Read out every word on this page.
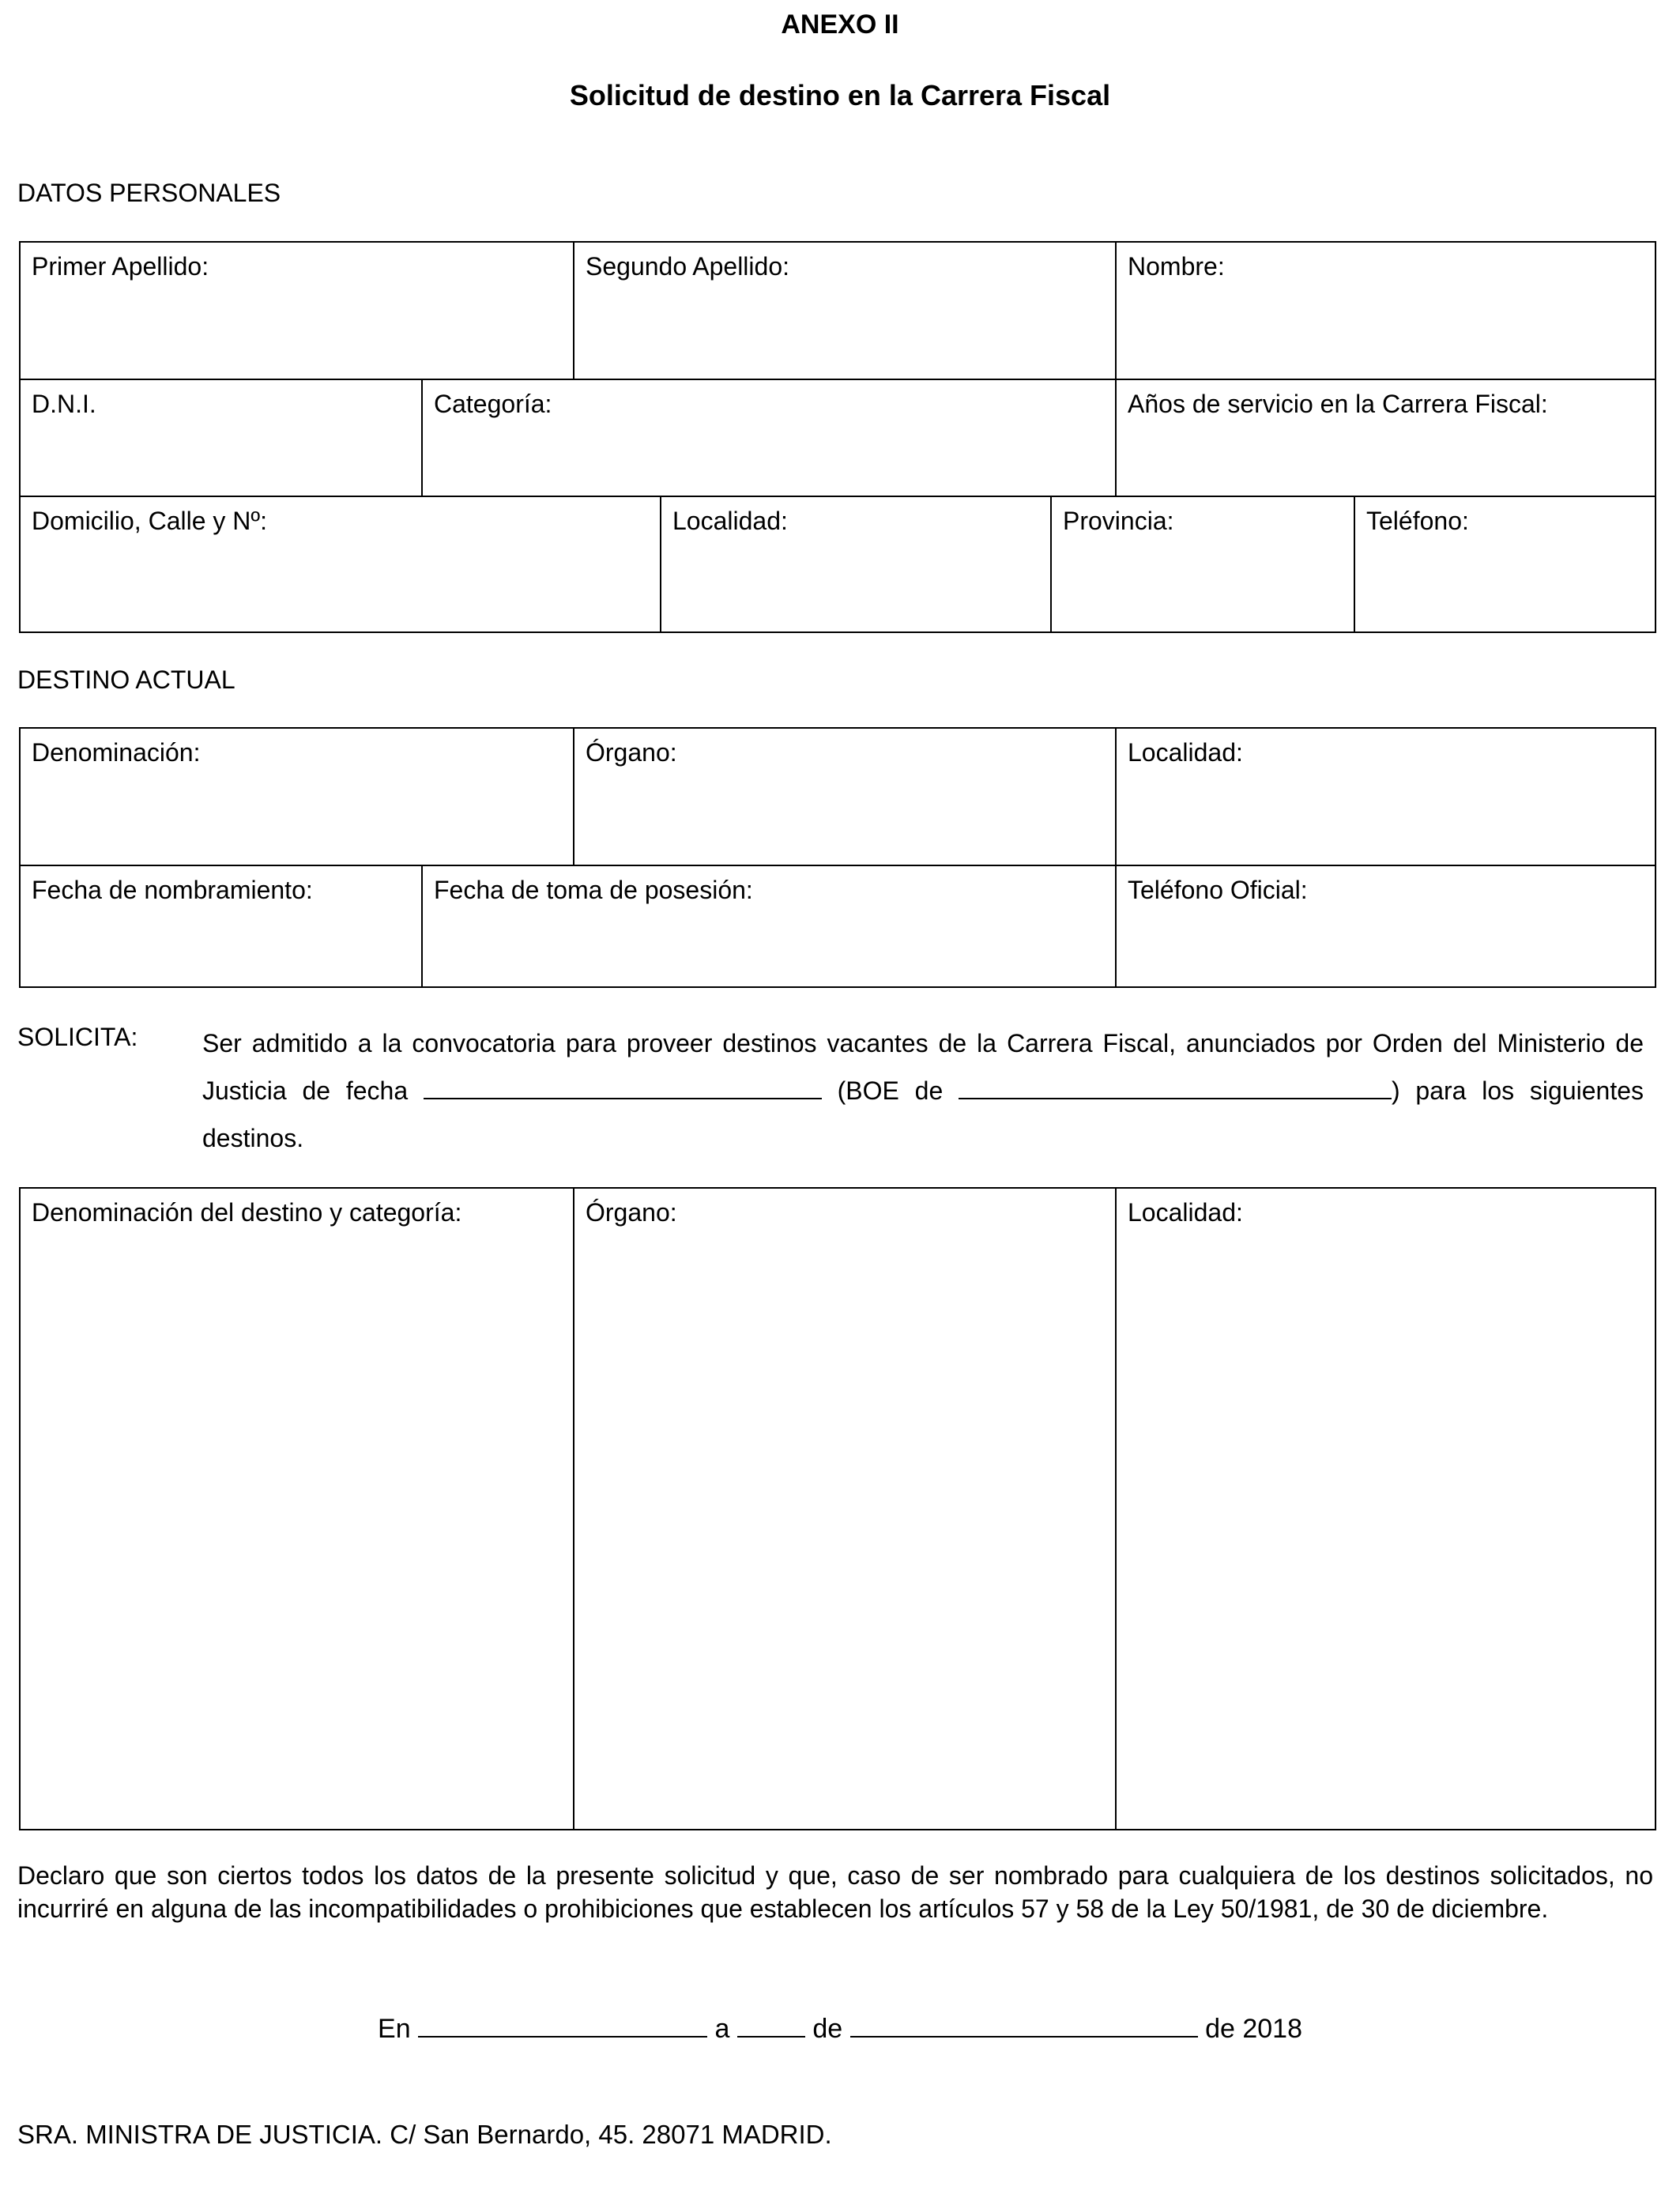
ANEXO II
Solicitud de destino en la Carrera Fiscal
DATOS PERSONALES
Primer Apellido:	Segundo Apellido:	Nombre:
D.N.I.	Categoría:	Años de servicio en la Carrera Fiscal:
Domicilio, Calle y Nº:	Localidad:	Provincia:	Teléfono:
DESTINO ACTUAL
Denominación:	Órgano:	Localidad:
Fecha de nombramiento:	Fecha de toma de posesión:	Teléfono Oficial:
SOLICITA:	Ser admitido a la convocatoria para proveer destinos vacantes de la Carrera Fiscal, anunciados por Orden del Ministerio de Justicia de fecha	(BOE de	) para los siguientes destinos.
Denominación del destino y categoría:	Órgano:	Localidad:
Declaro que son ciertos todos los datos de la presente solicitud y que, caso de ser nombrado para cualquiera de los destinos solicitados, no incurriré en alguna de las incompatibilidades o prohibiciones que establecen los artículos 57 y 58 de la Ley 50/1981, de 30 de diciembre.
En	a	de	de 2018
SRA. MINISTRA DE JUSTICIA. C/ San Bernardo, 45. 28071 MADRID.
